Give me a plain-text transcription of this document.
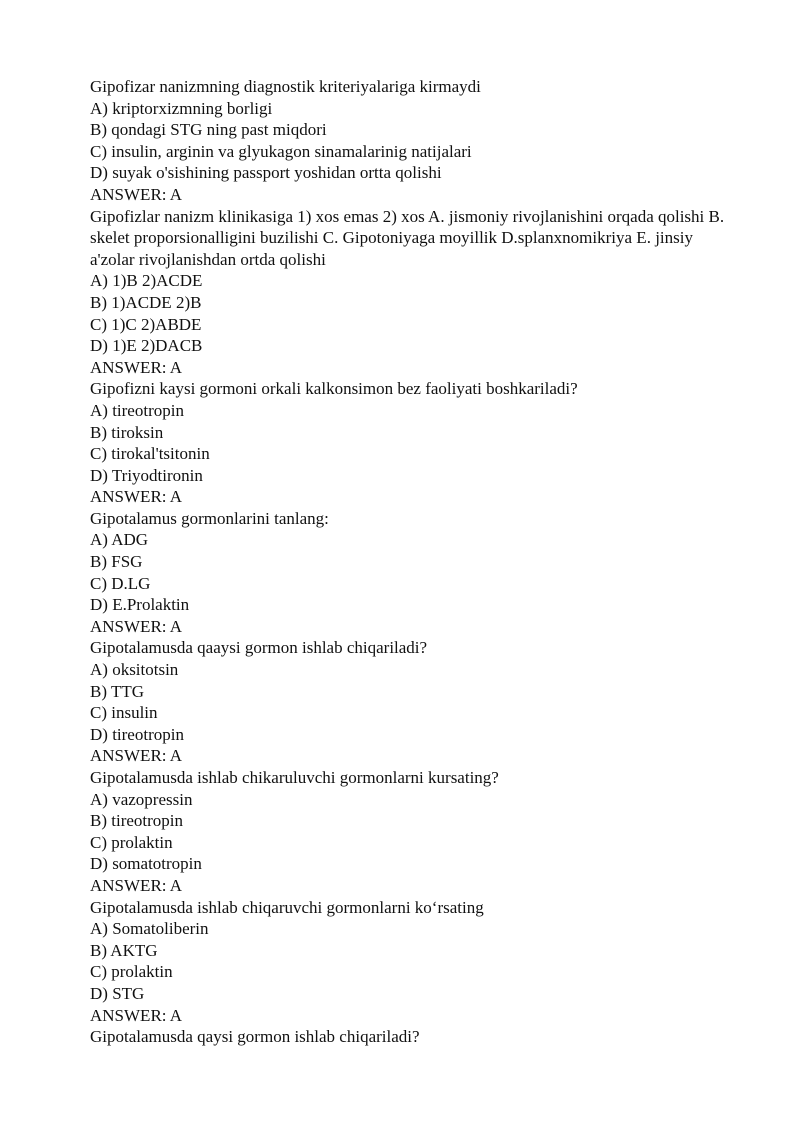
Gipofizar nanizmning diagnostik kriteriyalariga kirmaydi
A) kriptorxizmning borligi
B) qondagi STG ning past miqdori
C) insulin, arginin va glyukagon sinamalarinig natijalari
D) suyak o'sishining passport yoshidan ortta qolishi
ANSWER: A
Gipofizlar nanizm klinikasiga 1) xos emas 2) xos A. jismoniy rivojlanishini orqada qolishi B. skelet proporsionalligini buzilishi C. Gipotoniyaga moyillik D.splanxnomikriya E. jinsiy a'zolar rivojlanishdan ortda qolishi
A) 1)B 2)ACDE
B) 1)ACDE 2)B
C) 1)C 2)ABDE
D) 1)E 2)DACB
ANSWER: A
Gipofizni kaysi gormoni orkali kalkonsimon bez faoliyati boshkariladi?
A) tireotropin
B) tiroksin
C) tirokal'tsitonin
D) Triyodtironin
ANSWER: A
Gipotalamus gormonlarini tanlang:
A) ADG
B) FSG
C) D.LG
D) E.Prolaktin
ANSWER: A
Gipotalamusda qaaysi gormon ishlab chiqariladi?
A) oksitotsin
B) TTG
C) insulin
D) tireotropin
ANSWER: A
Gipotalamusda ishlab chikaruluvchi gormonlarni kursating?
A) vazopressin
B) tireotropin
C) prolaktin
D) somatotropin
ANSWER: A
Gipotalamusda ishlab chiqaruvchi gormonlarni ko‘rsating
A) Somatoliberin
B) AKTG
C) prolaktin
D) STG
ANSWER: A
Gipotalamusda qaysi gormon ishlab chiqariladi?
